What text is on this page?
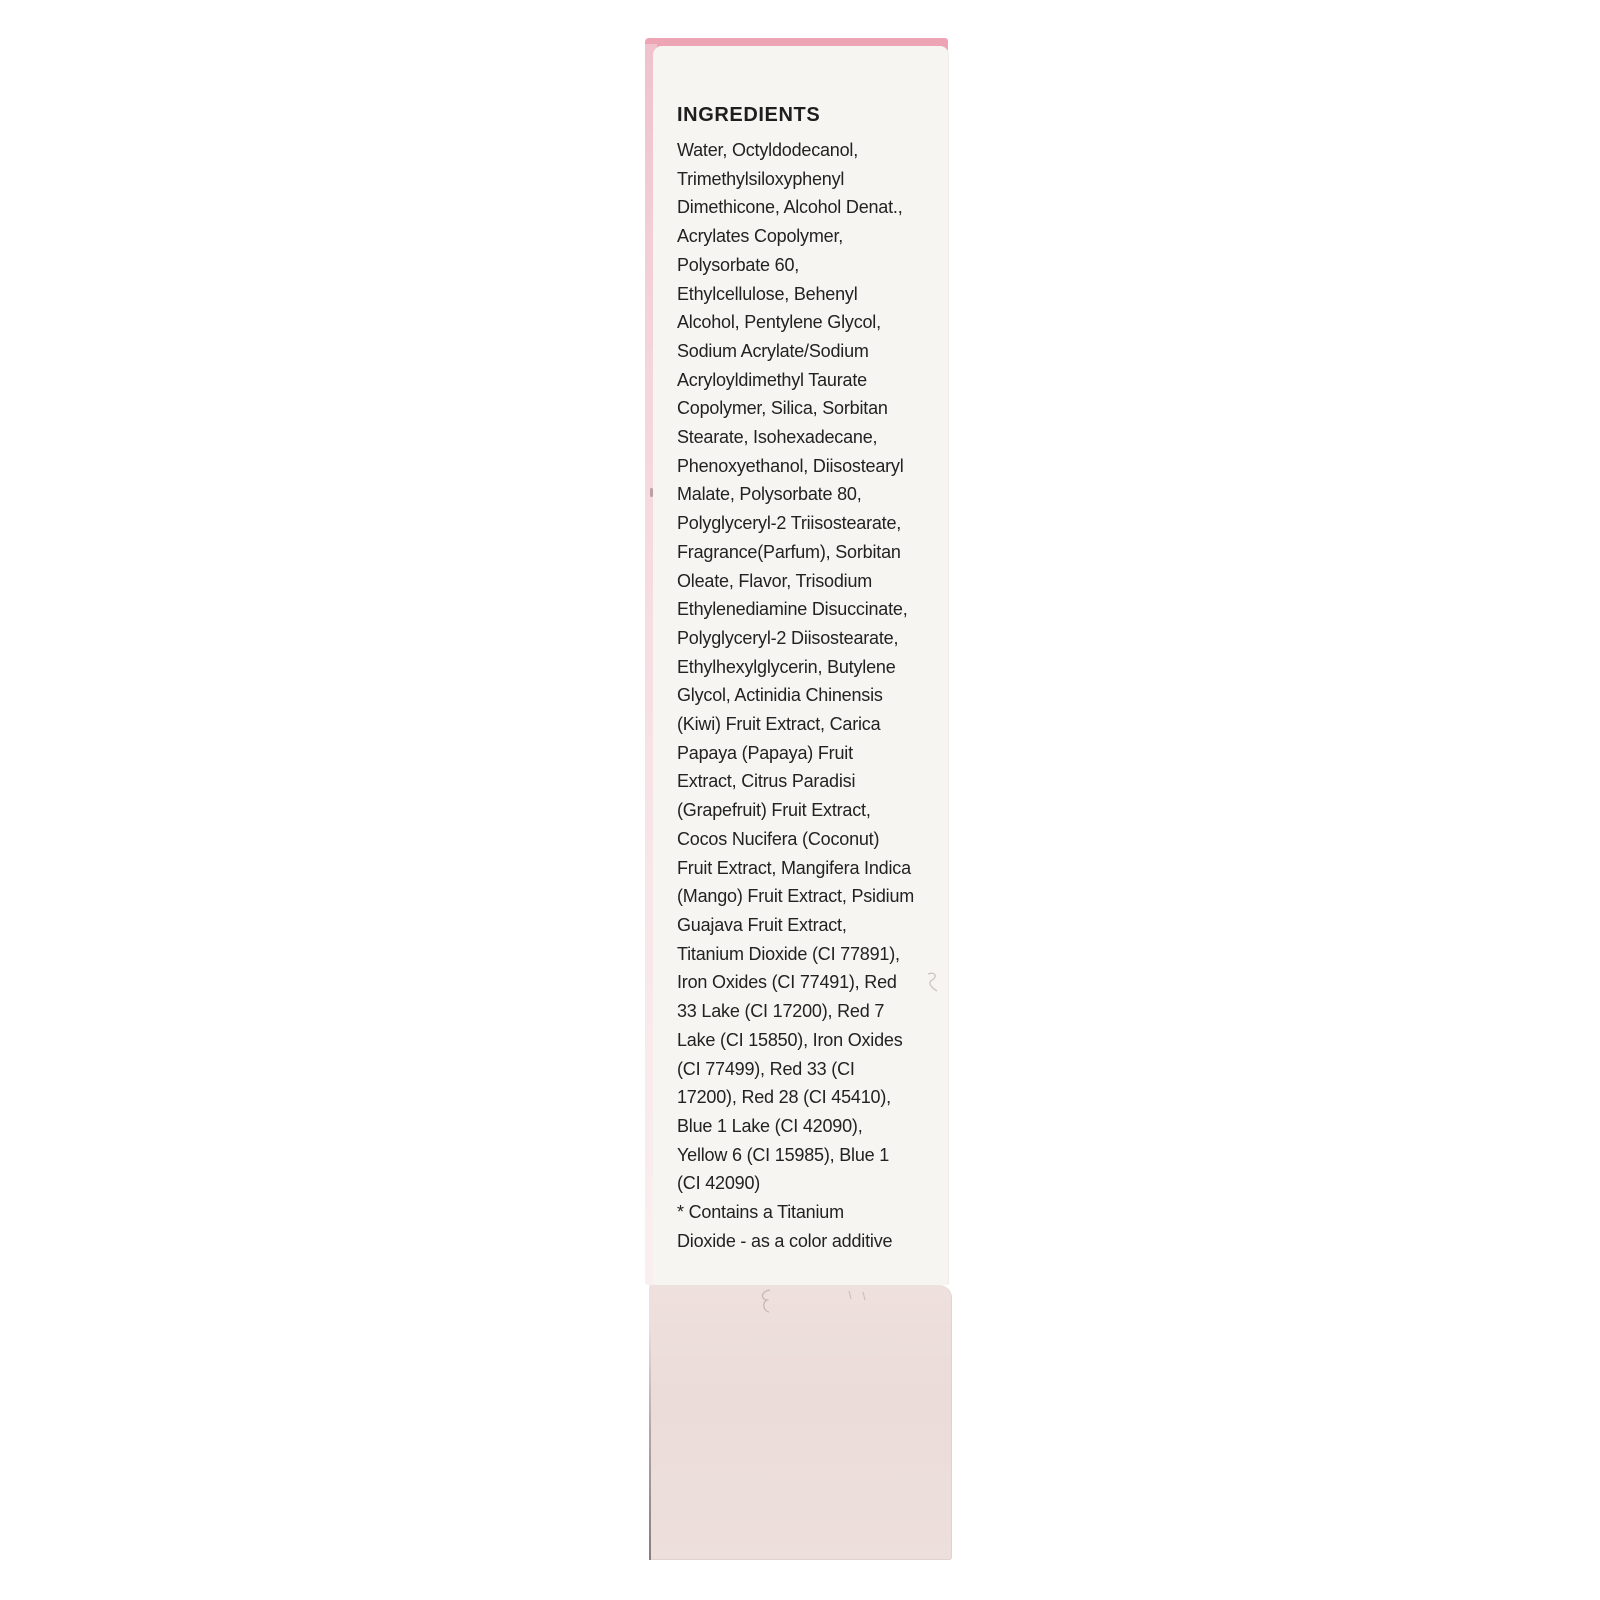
INGREDIENTS

Water, Octyldodecanol,
Trimethylsiloxyphenyl
Dimethicone, Alcohol Denat.,
Acrylates Copolymer,
Polysorbate 60,
Ethylcellulose, Behenyl
Alcohol, Pentylene Glycol,
Sodium Acrylate/Sodium
Acryloyldimethyl Taurate
Copolymer, Silica, Sorbitan
Stearate, Isohexadecane,
Phenoxyethanol, Diisostearyl
Malate, Polysorbate 80,
Polyglyceryl-2 Triisostearate,
Fragrance(Parfum), Sorbitan
Oleate, Flavor, Trisodium
Ethylenediamine Disuccinate,
Polyglyceryl-2 Diisostearate,
Ethylhexylglycerin, Butylene
Glycol, Actinidia Chinensis
(Kiwi) Fruit Extract, Carica
Papaya (Papaya) Fruit
Extract, Citrus Paradisi
(Grapefruit) Fruit Extract,
Cocos Nucifera (Coconut)
Fruit Extract, Mangifera Indica
(Mango) Fruit Extract, Psidium
Guajava Fruit Extract,
Titanium Dioxide (CI 77891),
Iron Oxides (CI 77491), Red
33 Lake (CI 17200), Red 7
Lake (CI 15850), Iron Oxides
(CI 77499), Red 33 (CI
17200), Red 28 (CI 45410),
Blue 1 Lake (CI 42090),
Yellow 6 (CI 15985), Blue 1
(CI 42090)

* Contains a Titanium
Dioxide - as a color additive
